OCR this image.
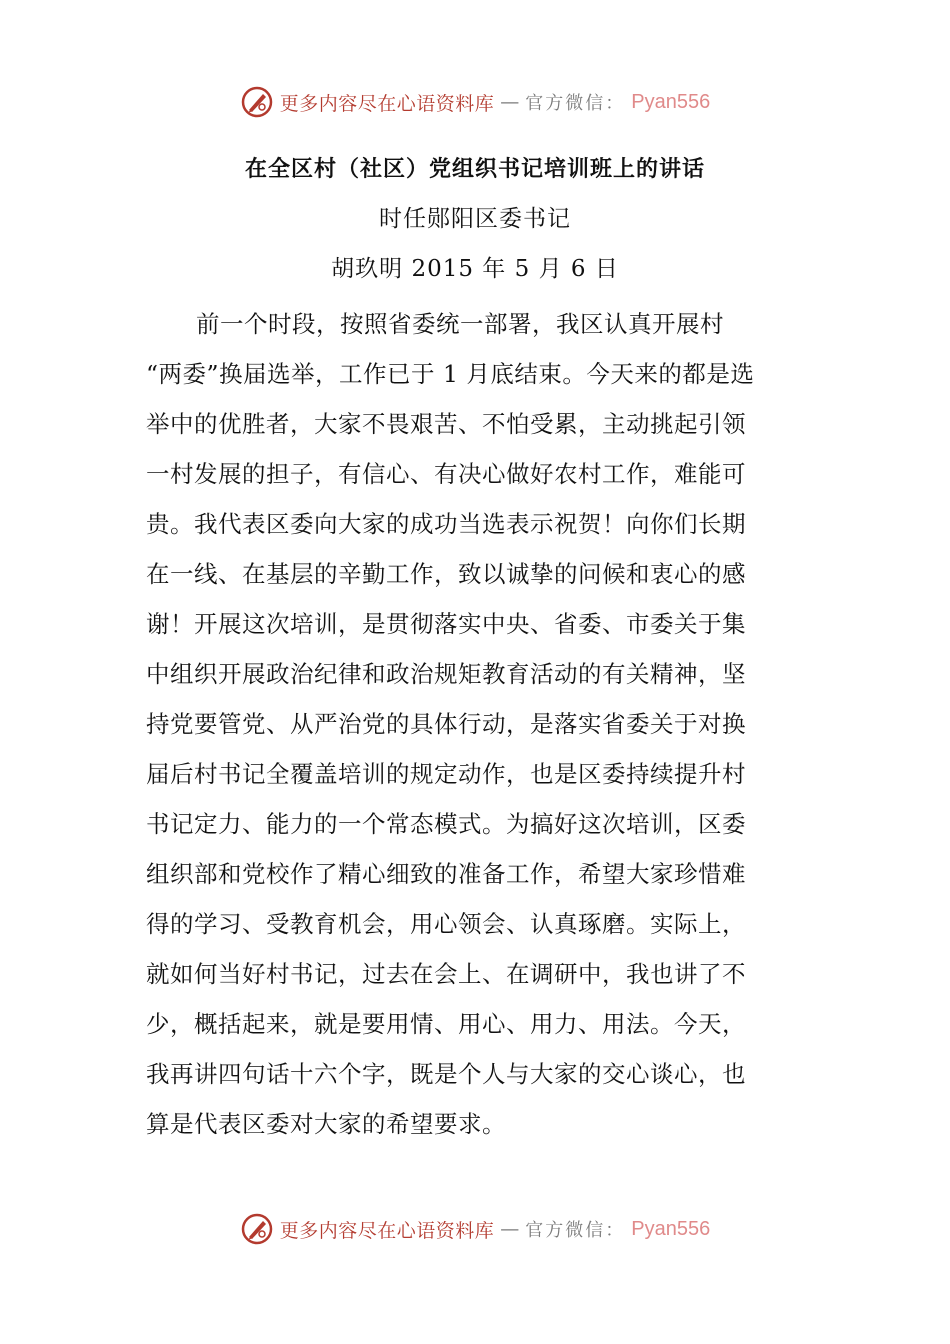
更多内容尽在心语资料库 — 官方微信： Pyan556
在全区村（社区）党组织书记培训班上的讲话
时任郧阳区委书记
胡玖明 2015 年 5 月 6 日
前一个时段，按照省委统一部署，我区认真开展村
“两委”换届选举，工作已于 1 月底结束。今天来的都是选
举中的优胜者，大家不畏艰苦、不怕受累，主动挑起引领
一村发展的担子，有信心、有决心做好农村工作，难能可
贵。我代表区委向大家的成功当选表示祝贺！向你们长期
在一线、在基层的辛勤工作，致以诚挚的问候和衷心的感
谢！开展这次培训，是贯彻落实中央、省委、市委关于集
中组织开展政治纪律和政治规矩教育活动的有关精神，坚
持党要管党、从严治党的具体行动，是落实省委关于对换
届后村书记全覆盖培训的规定动作，也是区委持续提升村
书记定力、能力的一个常态模式。为搞好这次培训，区委
组织部和党校作了精心细致的准备工作，希望大家珍惜难
得的学习、受教育机会，用心领会、认真琢磨。实际上，
就如何当好村书记，过去在会上、在调研中，我也讲了不
少，概括起来，就是要用情、用心、用力、用法。今天，
我再讲四句话十六个字，既是个人与大家的交心谈心，也
算是代表区委对大家的希望要求。
更多内容尽在心语资料库 — 官方微信： Pyan556
